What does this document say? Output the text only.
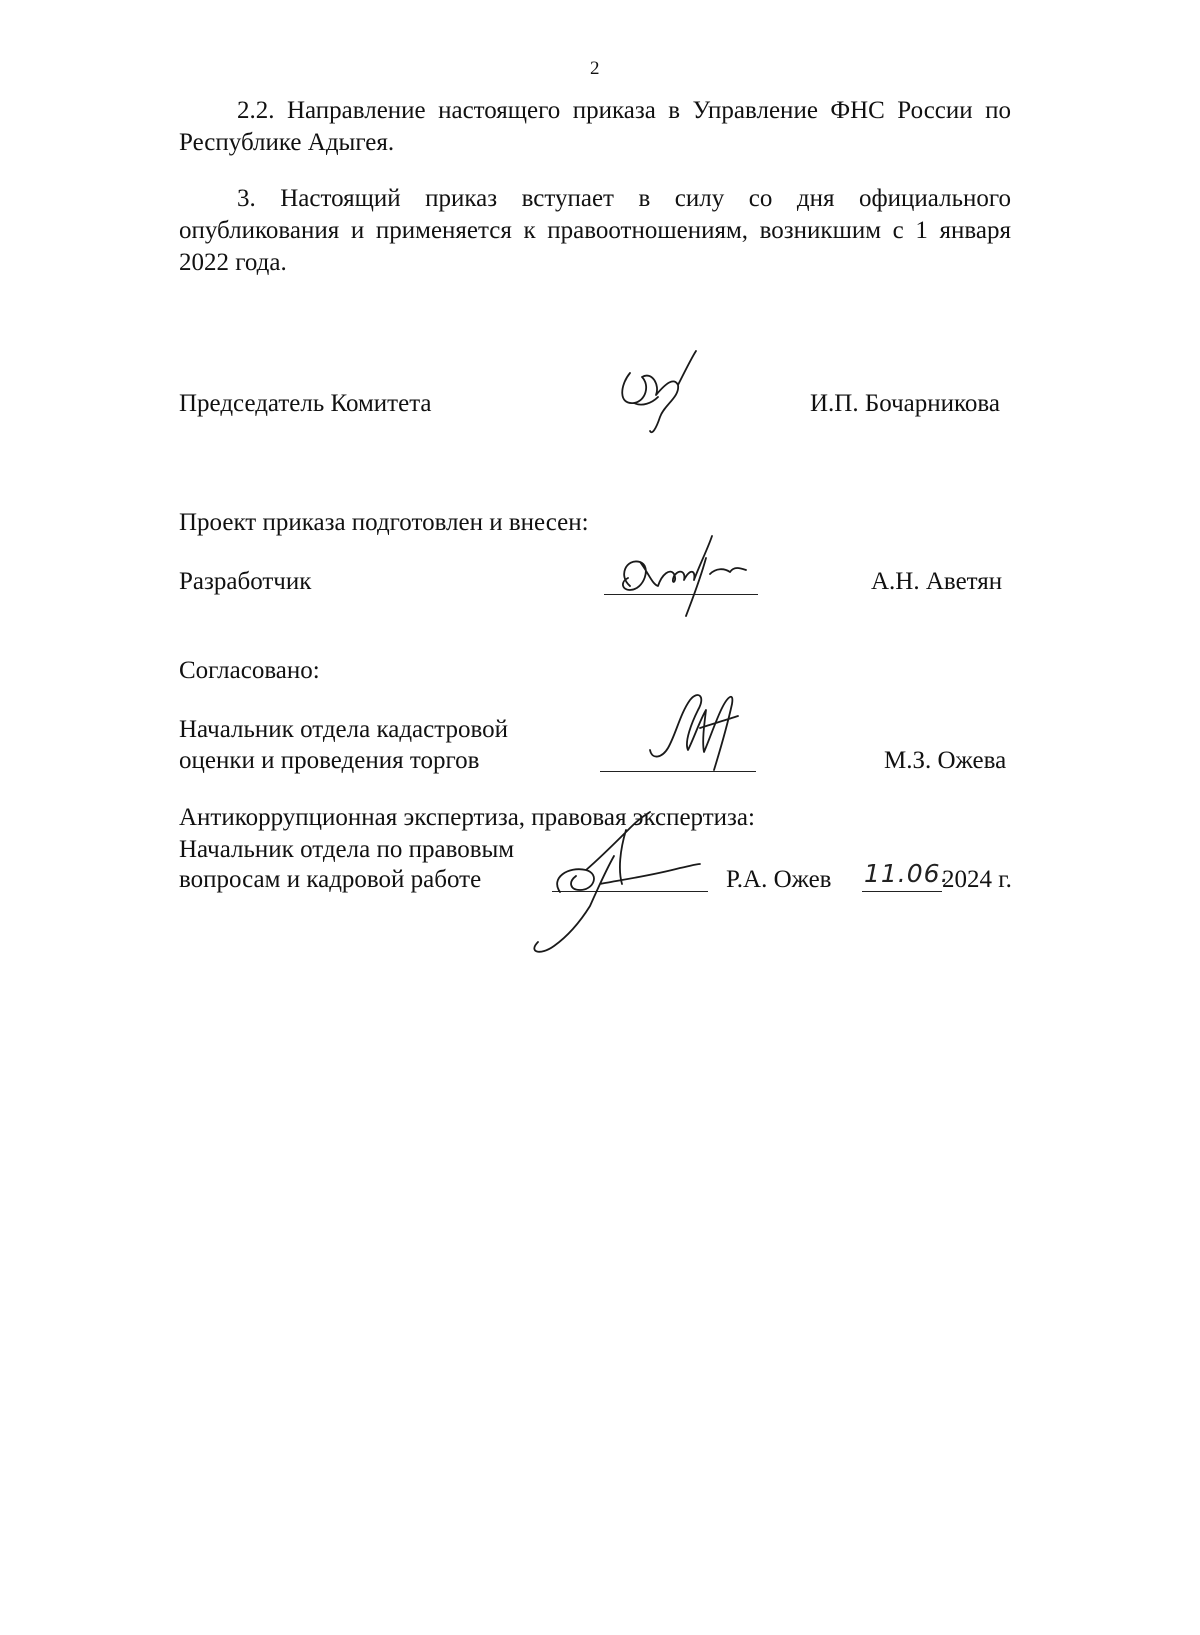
2
2.2. Направление настоящего приказа в Управление ФНС России по Республике Адыгея.
3. Настоящий приказ вступает в силу со дня официального опубликования и применяется к правоотношениям, возникшим с 1 января 2022 года.
Председатель Комитета	И.П. Бочарникова
Проект приказа подготовлен и внесен:
Разработчик	А.Н. Аветян
Согласовано:
Начальник отдела кадастровой
оценки и проведения торгов	М.З. Ожева
Антикоррупционная экспертиза, правовая экспертиза:
Начальник отдела по правовым
вопросам и кадровой работе	Р.А. Ожев 11.06.
2024 г.
